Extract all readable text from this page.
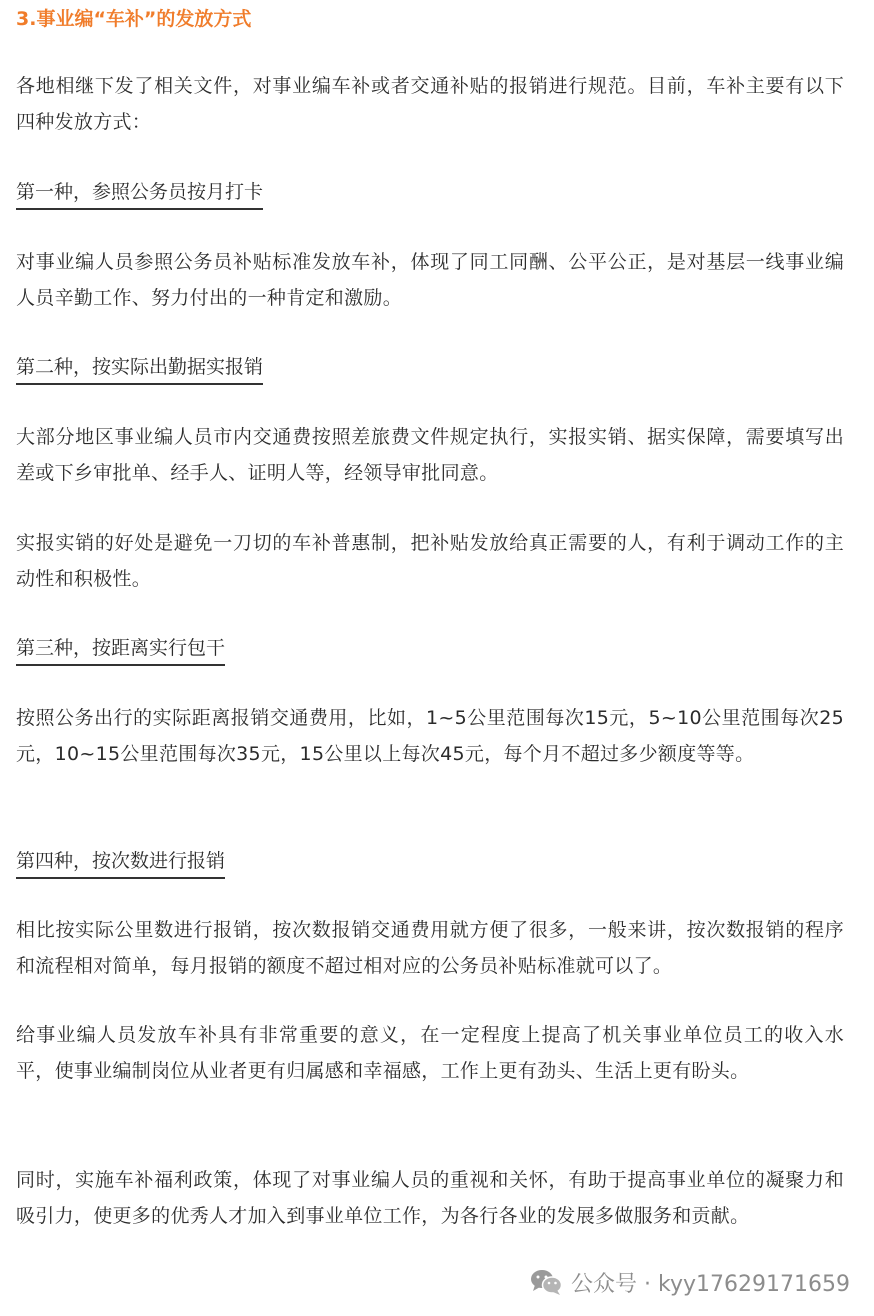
3.事业编“车补”的发放方式

各地相继下发了相关文件，对事业编车补或者交通补贴的报销进行规范。目前，车补主要有以下四种发放方式：

第一种，参照公务员按月打卡

对事业编人员参照公务员补贴标准发放车补，体现了同工同酬、公平公正，是对基层一线事业编人员辛勤工作、努力付出的一种肯定和激励。

第二种，按实际出勤据实报销

大部分地区事业编人员市内交通费按照差旅费文件规定执行，实报实销、据实保障，需要填写出差或下乡审批单、经手人、证明人等，经领导审批同意。

实报实销的好处是避免一刀切的车补普惠制，把补贴发放给真正需要的人，有利于调动工作的主动性和积极性。

第三种，按距离实行包干

按照公务出行的实际距离报销交通费用，比如，1~5公里范围每次15元，5~10公里范围每次25元，10~15公里范围每次35元，15公里以上每次45元，每个月不超过多少额度等等。

第四种，按次数进行报销

相比按实际公里数进行报销，按次数报销交通费用就方便了很多，一般来讲，按次数报销的程序和流程相对简单，每月报销的额度不超过相对应的公务员补贴标准就可以了。

给事业编人员发放车补具有非常重要的意义，在一定程度上提高了机关事业单位员工的收入水平，使事业编制岗位从业者更有归属感和幸福感，工作上更有劲头、生活上更有盼头。

同时，实施车补福利政策，体现了对事业编人员的重视和关怀，有助于提高事业单位的凝聚力和吸引力，使更多的优秀人才加入到事业单位工作，为各行各业的发展多做服务和贡献。

公众号 · kyy17629171659
